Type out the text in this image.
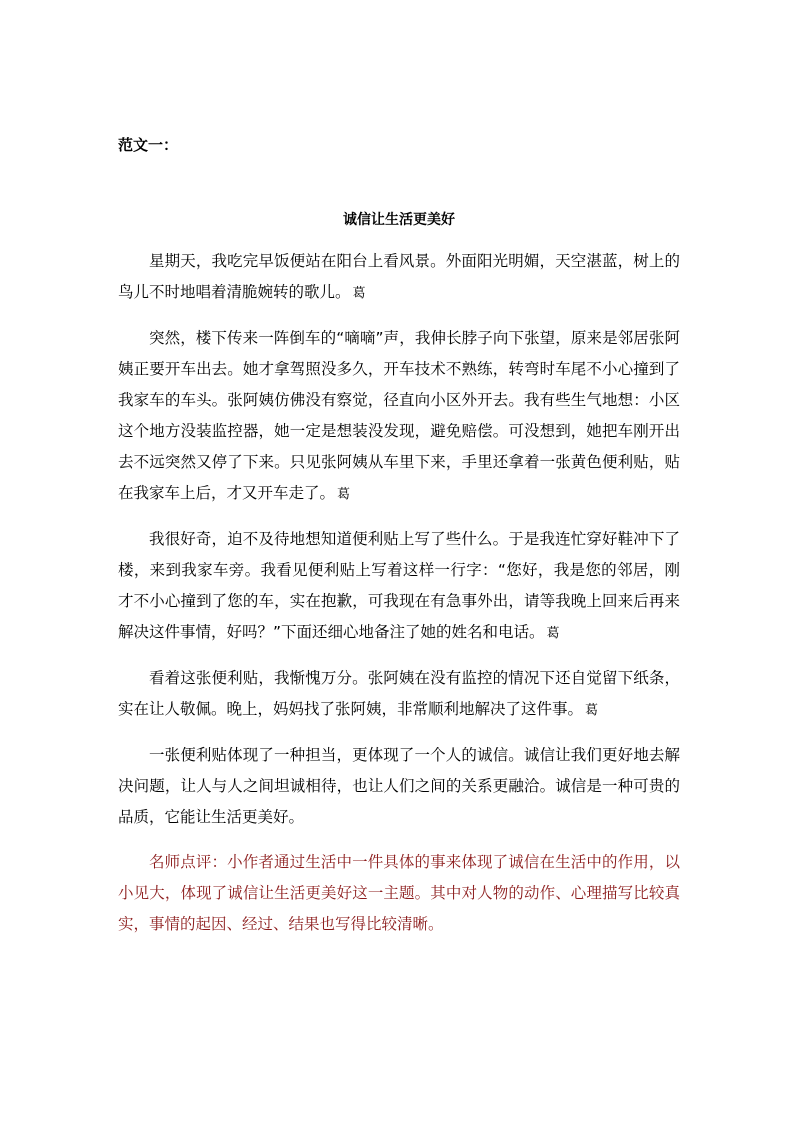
范文一：
诚信让生活更美好

星期天，我吃完早饭便站在阳台上看风景。外面阳光明媚，天空湛蓝，树上的鸟儿不时地唱着清脆婉转的歌儿。 葛

突然，楼下传来一阵倒车的“嘀嘀”声，我伸长脖子向下张望，原来是邻居张阿姨正要开车出去。她才拿驾照没多久，开车技术不熟练，转弯时车尾不小心撞到了我家车的车头。张阿姨仿佛没有察觉，径直向小区外开去。我有些生气地想：小区这个地方没装监控器，她一定是想装没发现，避免赔偿。可没想到，她把车刚开出去不远突然又停了下来。只见张阿姨从车里下来，手里还拿着一张黄色便利贴，贴在我家车上后，才又开车走了。 葛

我很好奇，迫不及待地想知道便利贴上写了些什么。于是我连忙穿好鞋冲下了楼，来到我家车旁。我看见便利贴上写着这样一行字：“您好，我是您的邻居，刚才不小心撞到了您的车，实在抱歉，可我现在有急事外出，请等我晚上回来后再来解决这件事情，好吗？”下面还细心地备注了她的姓名和电话。 葛

看着这张便利贴，我惭愧万分。张阿姨在没有监控的情况下还自觉留下纸条，实在让人敬佩。晚上，妈妈找了张阿姨，非常顺利地解决了这件事。 葛

一张便利贴体现了一种担当，更体现了一个人的诚信。诚信让我们更好地去解决问题，让人与人之间坦诚相待，也让人们之间的关系更融洽。诚信是一种可贵的品质，它能让生活更美好。

名师点评：小作者通过生活中一件具体的事来体现了诚信在生活中的作用，以小见大，体现了诚信让生活更美好这一主题。其中对人物的动作、心理描写比较真实，事情的起因、经过、结果也写得比较清晰。
